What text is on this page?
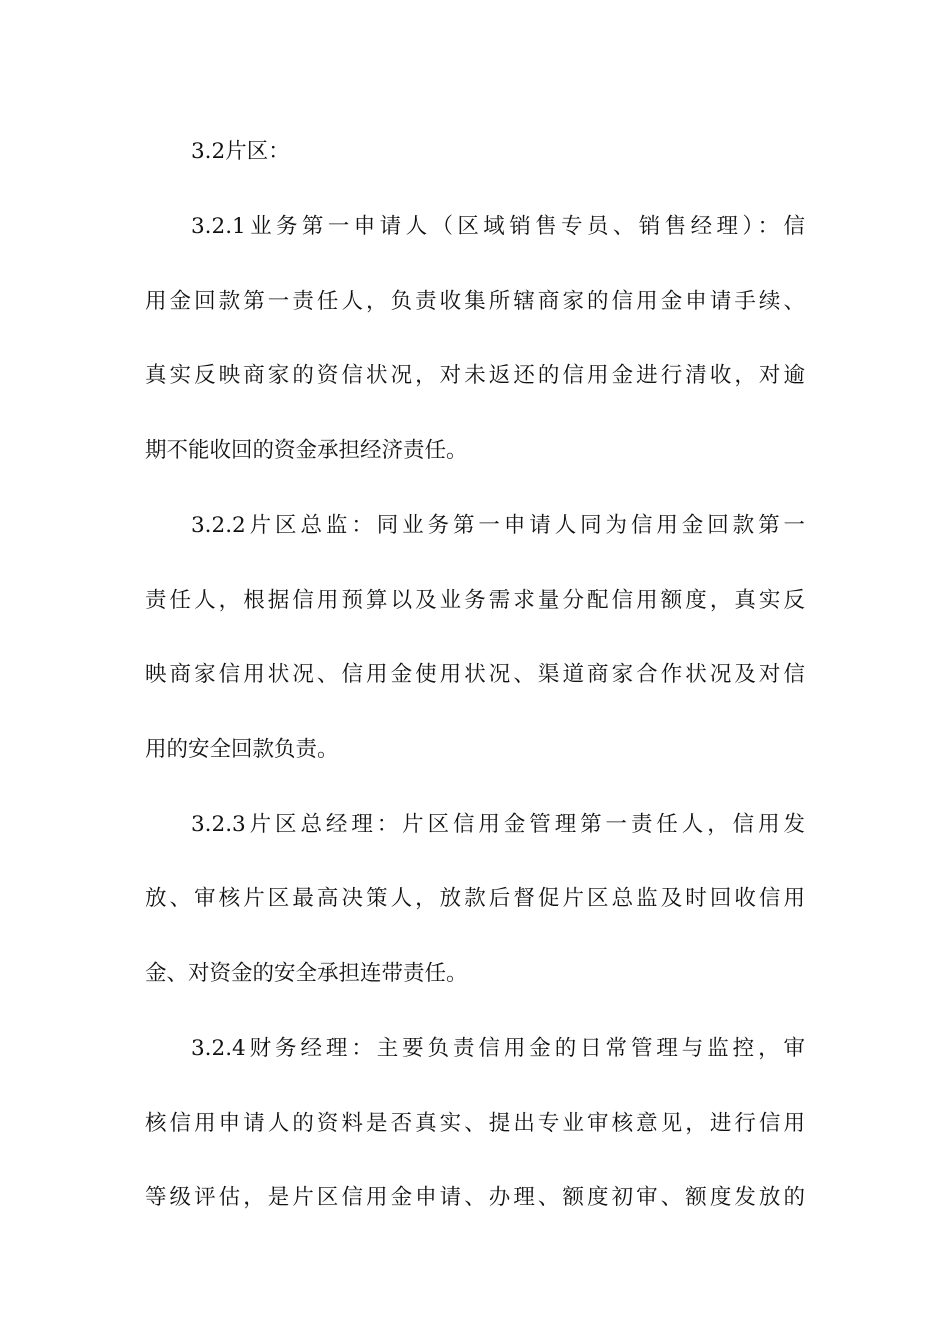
3.2片区：
3.2.1业务第一申请人（区域销售专员、销售经理）：信
用金回款第一责任人，负责收集所辖商家的信用金申请手续、
真实反映商家的资信状况，对未返还的信用金进行清收，对逾
期不能收回的资金承担经济责任。
3.2.2片区总监：同业务第一申请人同为信用金回款第一
责任人，根据信用预算以及业务需求量分配信用额度，真实反
映商家信用状况、信用金使用状况、渠道商家合作状况及对信
用的安全回款负责。
3.2.3片区总经理：片区信用金管理第一责任人，信用发
放、审核片区最高决策人，放款后督促片区总监及时回收信用
金、对资金的安全承担连带责任。
3.2.4财务经理：主要负责信用金的日常管理与监控，审
核信用申请人的资料是否真实、提出专业审核意见，进行信用
等级评估，是片区信用金申请、办理、额度初审、额度发放的
